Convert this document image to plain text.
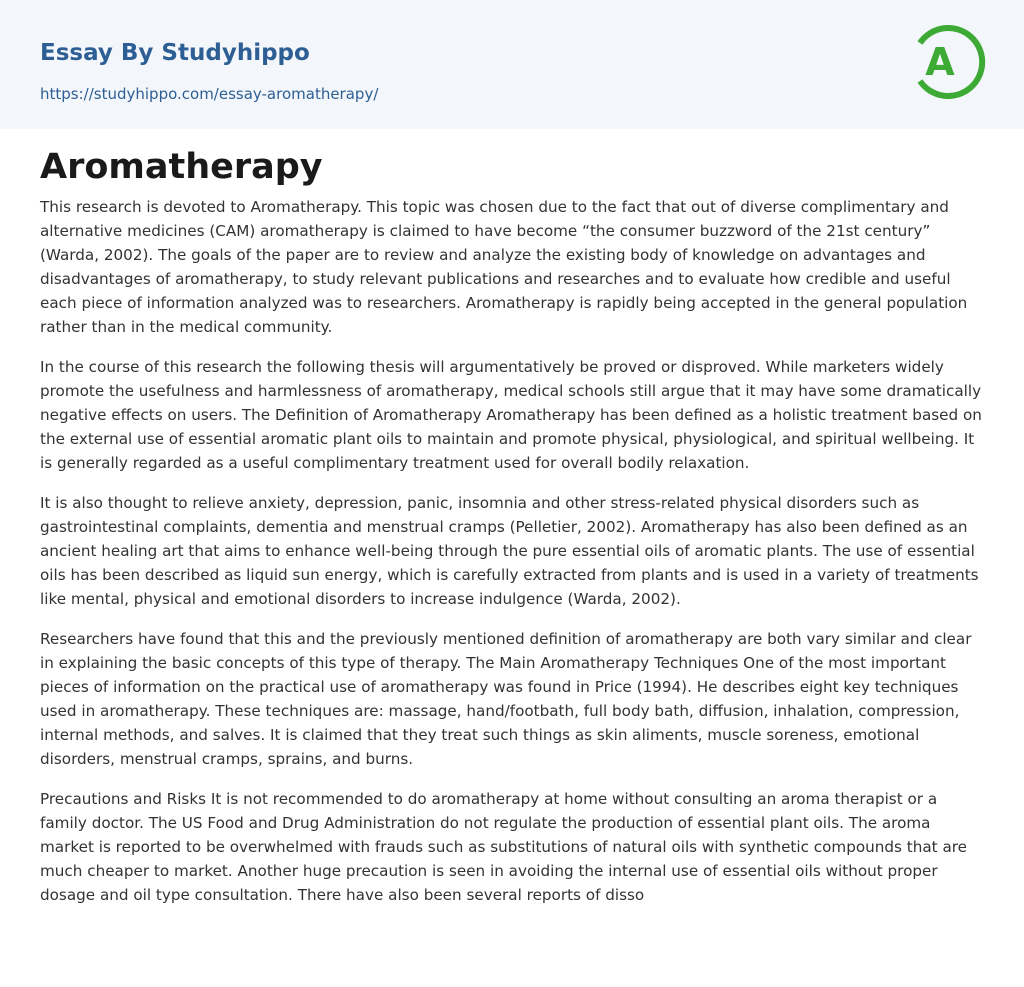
Essay By Studyhippo
https://studyhippo.com/essay-aromatherapy/
A
Aromatherapy

This research is devoted to Aromatherapy. This topic was chosen due to the fact that out of diverse complimentary and alternative medicines (CAM) aromatherapy is claimed to have become “the consumer buzzword of the 21st century” (Warda, 2002). The goals of the paper are to review and analyze the existing body of knowledge on advantages and disadvantages of aromatherapy, to study relevant publications and researches and to evaluate how credible and useful each piece of information analyzed was to researchers. Aromatherapy is rapidly being accepted in the general population rather than in the medical community.

In the course of this research the following thesis will argumentatively be proved or disproved. While marketers widely promote the usefulness and harmlessness of aromatherapy, medical schools still argue that it may have some dramatically negative effects on users. The Definition of Aromatherapy Aromatherapy has been defined as a holistic treatment based on the external use of essential aromatic plant oils to maintain and promote physical, physiological, and spiritual wellbeing. It is generally regarded as a useful complimentary treatment used for overall bodily relaxation.

It is also thought to relieve anxiety, depression, panic, insomnia and other stress-related physical disorders such as gastrointestinal complaints, dementia and menstrual cramps (Pelletier, 2002). Aromatherapy has also been defined as an ancient healing art that aims to enhance well-being through the pure essential oils of aromatic plants. The use of essential oils has been described as liquid sun energy, which is carefully extracted from plants and is used in a variety of treatments like mental, physical and emotional disorders to increase indulgence (Warda, 2002).

Researchers have found that this and the previously mentioned definition of aromatherapy are both vary similar and clear in explaining the basic concepts of this type of therapy. The Main Aromatherapy Techniques One of the most important pieces of information on the practical use of aromatherapy was found in Price (1994). He describes eight key techniques used in aromatherapy. These techniques are: massage, hand/footbath, full body bath, diffusion, inhalation, compression, internal methods, and salves. It is claimed that they treat such things as skin aliments, muscle soreness, emotional disorders, menstrual cramps, sprains, and burns.

Precautions and Risks It is not recommended to do aromatherapy at home without consulting an aroma therapist or a family doctor. The US Food and Drug Administration do not regulate the production of essential plant oils. The aroma market is reported to be overwhelmed with frauds such as substitutions of natural oils with synthetic compounds that are much cheaper to market. Another huge precaution is seen in avoiding the internal use of essential oils without proper dosage and oil type consultation. There have also been several reports of disso
